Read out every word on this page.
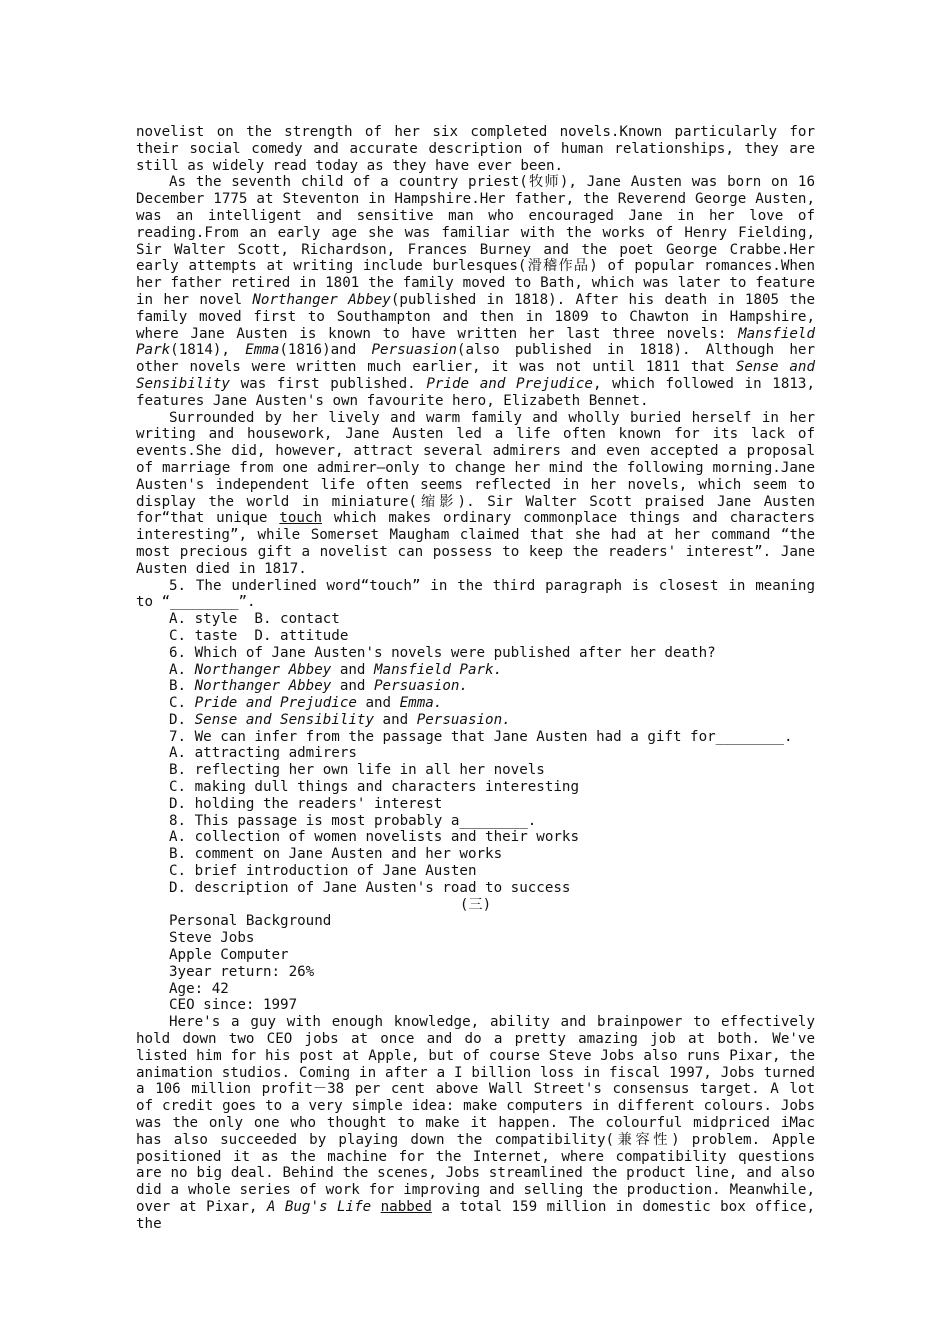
novelist on the strength of her six completed novels.Known particularly for their social comedy and accurate description of human relationships, they are still as widely read today as they have ever been.

As the seventh child of a country priest(牧师), Jane Austen was born on 16 December 1775 at Steventon in Hampshire.Her father, the Reverend George Austen, was an intelligent and sensitive man who encouraged Jane in her love of reading.From an early age she was familiar with the works of Henry Fielding, Sir Walter Scott, Richardson, Frances Burney and the poet George Crabbe.Her early attempts at writing include burlesques(滑稽作品) of popular romances.When her father retired in 1801 the family moved to Bath, which was later to feature in her novel Northanger Abbey(published in 1818). After his death in 1805 the family moved first to Southampton and then in 1809 to Chawton in Hampshire, where Jane Austen is known to have written her last three novels: Mansfield Park(1814), Emma(1816)and Persuasion(also published in 1818). Although her other novels were written much earlier, it was not until 1811 that Sense and Sensibility was first published. Pride and Prejudice, which followed in 1813, features Jane Austen's own favourite hero, Elizabeth Bennet.

Surrounded by her lively and warm family and wholly buried herself in her writing and housework, Jane Austen led a life often known for its lack of events.She did, however, attract several admirers and even accepted a proposal of marriage from one admirer—only to change her mind the following morning.Jane Austen's independent life often seems reflected in her novels, which seem to display the world in miniature(缩影). Sir Walter Scott praised Jane Austen for“that unique touch which makes ordinary commonplace things and characters interesting”, while Somerset Maugham claimed that she had at her command “the most precious gift a novelist can possess to keep the readers' interest”. Jane Austen died in 1817.

5. The underlined word“touch” in the third paragraph is closest in meaning to “________”.

A. style  B. contact

C. taste  D. attitude

6. Which of Jane Austen's novels were published after her death?

A. Northanger Abbey and Mansfield Park.

B. Northanger Abbey and Persuasion.

C. Pride and Prejudice and Emma.

D. Sense and Sensibility and Persuasion.

7. We can infer from the passage that Jane Austen had a gift for________.

A. attracting admirers

B. reflecting her own life in all her novels

C. making dull things and characters interesting

D. holding the readers' interest

8. This passage is most probably a________.

A. collection of women novelists and their works

B. comment on Jane Austen and her works

C. brief introduction of Jane Austen

D. description of Jane Austen's road to success

(三)

Personal Background

Steve Jobs

Apple Computer

3year return: 26%

Age: 42

CEO since: 1997

Here's a guy with enough knowledge, ability and brainpower to effectively hold down two CEO jobs at once and do a pretty amazing job at both. We've listed him for his post at Apple, but of course Steve Jobs also runs Pixar, the animation studios. Coming in after a I billion loss in fiscal 1997, Jobs turned a 106 million profit－38 per cent above Wall Street's consensus target. A lot of credit goes to a very simple idea: make computers in different colours. Jobs was the only one who thought to make it happen. The colourful midpriced iMac has also succeeded by playing down the compatibility(兼容性) problem. Apple positioned it as the machine for the Internet, where compatibility questions are no big deal. Behind the scenes, Jobs streamlined the product line, and also did a whole series of work for improving and selling the production. Meanwhile, over at Pixar, A Bug's Life nabbed a total 159 million in domestic box office, the
